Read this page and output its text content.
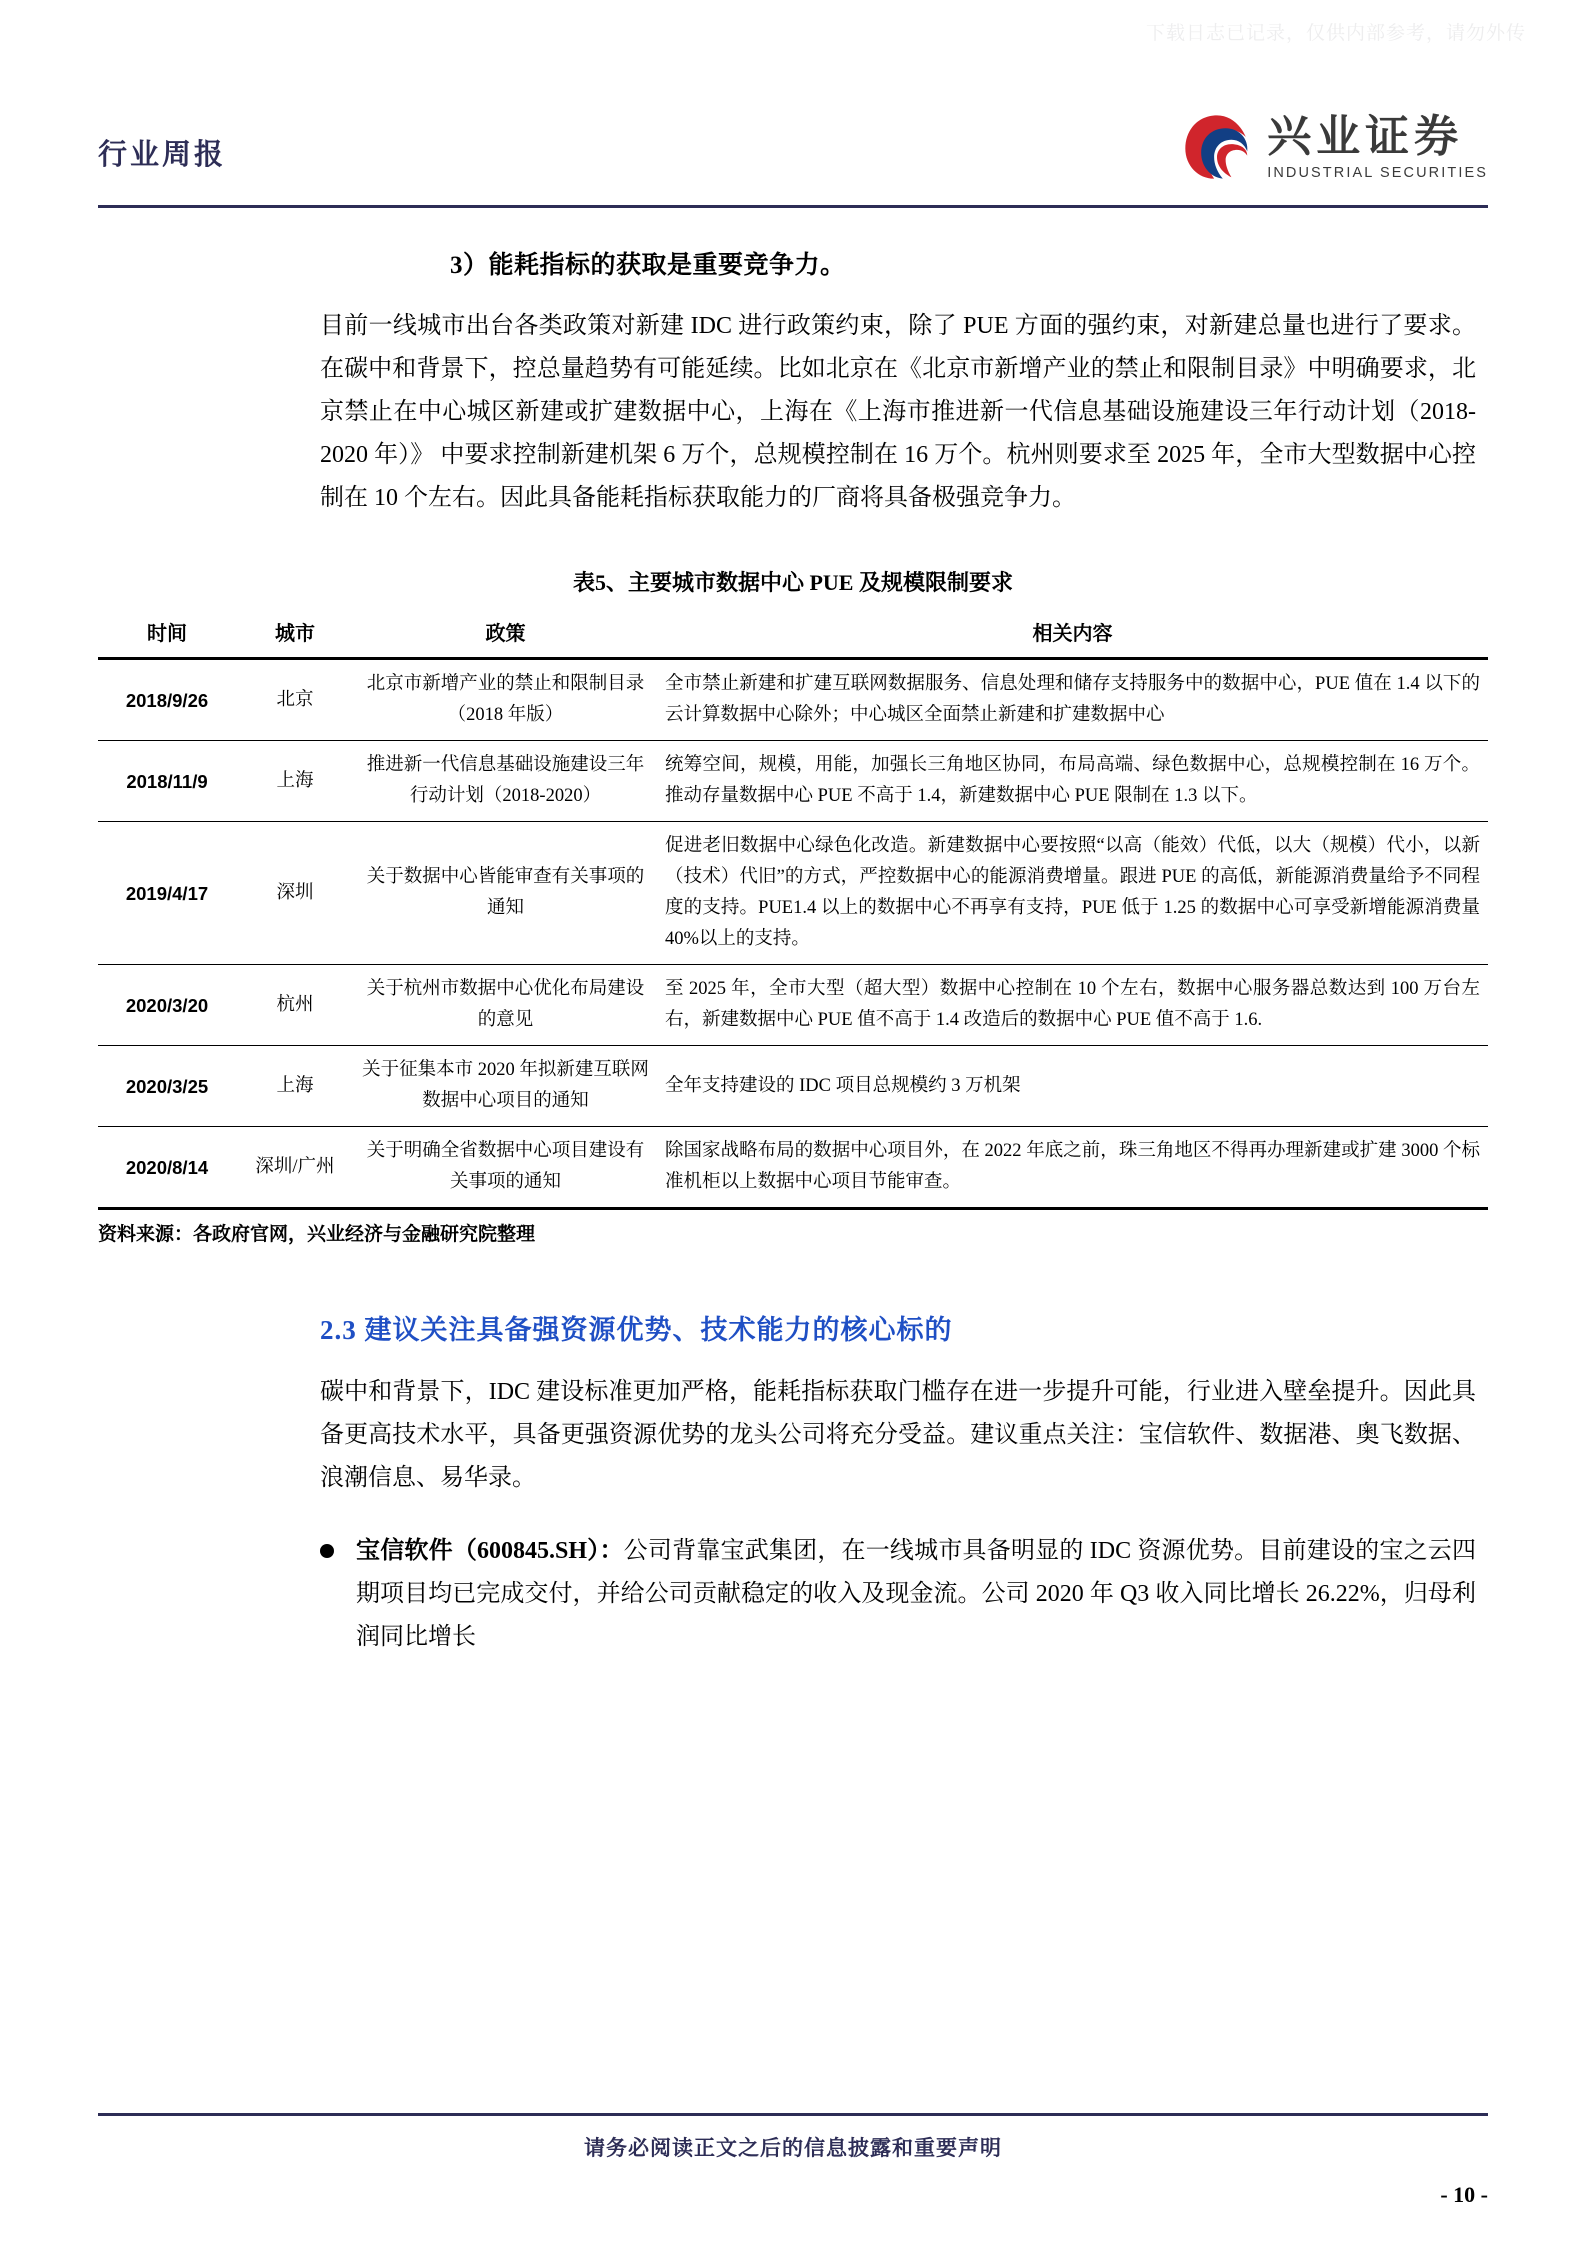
下载日志已记录，仅供内部参考，请勿外传
行业周报	兴业证券
INDUSTRIAL SECURITIES
3）能耗指标的获取是重要竞争力。
目前一线城市出台各类政策对新建 IDC 进行政策约束，除了 PUE 方面的强约束，对新建总量也进行了要求。在碳中和背景下，控总量趋势有可能延续。比如北京在《北京市新增产业的禁止和限制目录》中明确要求，北京禁止在中心城区新建或扩建数据中心，上海在《上海市推进新一代信息基础设施建设三年行动计划（2018-2020 年）》 中要求控制新建机架 6 万个，总规模控制在 16 万个。杭州则要求至 2025 年，全市大型数据中心控制在 10 个左右。因此具备能耗指标获取能力的厂商将具备极强竞争力。
表5、主要城市数据中心 PUE 及规模限制要求
时间	城市	政策	相关内容
2018/9/26	北京	北京市新增产业的禁止和限制目录（2018 年版）	全市禁止新建和扩建互联网数据服务、信息处理和储存支持服务中的数据中心，PUE 值在 1.4 以下的云计算数据中心除外；中心城区全面禁止新建和扩建数据中心
2018/11/9	上海	推进新一代信息基础设施建设三年行动计划（2018-2020）	统筹空间，规模，用能，加强长三角地区协同，布局高端、绿色数据中心，总规模控制在 16 万个。推动存量数据中心 PUE 不高于 1.4，新建数据中心 PUE 限制在 1.3 以下。
2019/4/17	深圳	关于数据中心皆能审查有关事项的通知	促进老旧数据中心绿色化改造。新建数据中心要按照“以高（能效）代低，以大（规模）代小，以新（技术）代旧”的方式，严控数据中心的能源消费增量。跟进 PUE 的高低，新能源消费量给予不同程度的支持。PUE1.4 以上的数据中心不再享有支持，PUE 低于 1.25 的数据中心可享受新增能源消费量 40%以上的支持。
2020/3/20	杭州	关于杭州市数据中心优化布局建设的意见	至 2025 年，全市大型（超大型）数据中心控制在 10 个左右，数据中心服务器总数达到 100 万台左右，新建数据中心 PUE 值不高于 1.4 改造后的数据中心 PUE 值不高于 1.6.
2020/3/25	上海	关于征集本市 2020 年拟新建互联网数据中心项目的通知	全年支持建设的 IDC 项目总规模约 3 万机架
2020/8/14	深圳/广州	关于明确全省数据中心项目建设有关事项的通知	除国家战略布局的数据中心项目外，在 2022 年底之前，珠三角地区不得再办理新建或扩建 3000 个标准机柜以上数据中心项目节能审查。
资料来源：各政府官网，兴业经济与金融研究院整理
2.3 建议关注具备强资源优势、技术能力的核心标的
碳中和背景下，IDC 建设标准更加严格，能耗指标获取门槛存在进一步提升可能，行业进入壁垒提升。因此具备更高技术水平，具备更强资源优势的龙头公司将充分受益。建议重点关注：宝信软件、数据港、奥飞数据、浪潮信息、易华录。
宝信软件（600845.SH）：公司背靠宝武集团，在一线城市具备明显的 IDC 资源优势。目前建设的宝之云四期项目均已完成交付，并给公司贡献稳定的收入及现金流。公司 2020 年 Q3 收入同比增长 26.22%，归母利润同比增长
请务必阅读正文之后的信息披露和重要声明
- 10 -
